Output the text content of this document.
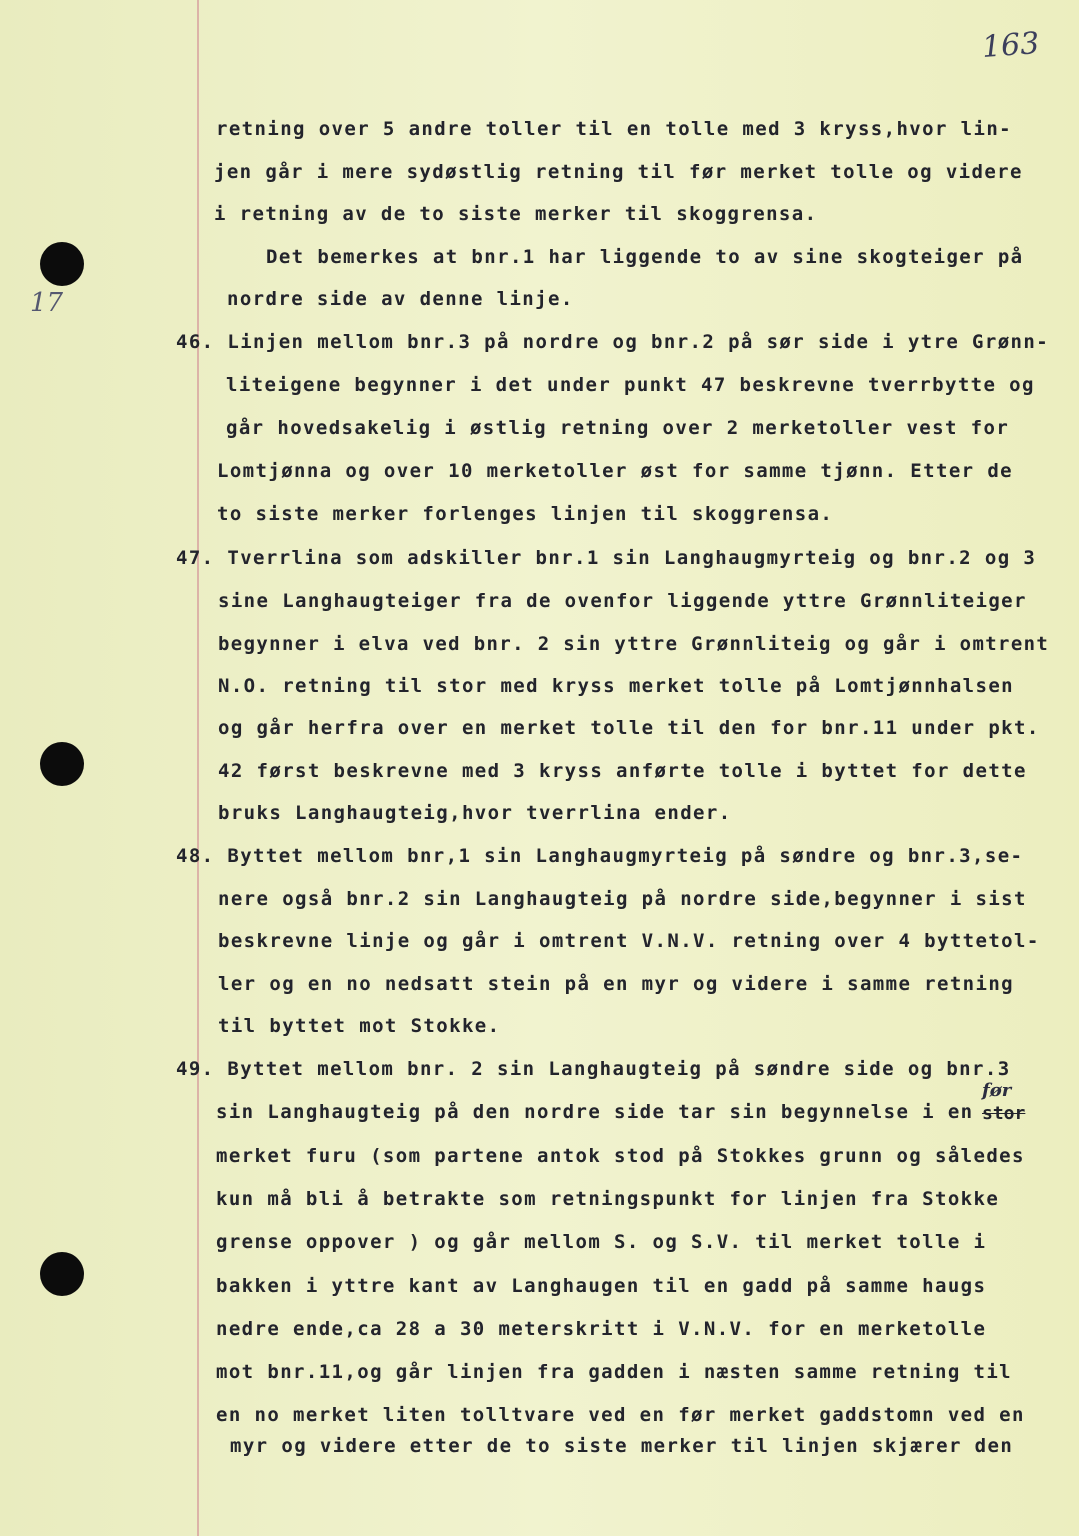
163
17
retning over 5 andre toller til en tolle med 3 kryss,hvor lin-
jen går i mere sydøstlig retning til før merket tolle og videre
i retning av de to siste merker til skoggrensa.
Det bemerkes at bnr.1 har liggende to av sine skogteiger på
nordre side av denne linje.
46. Linjen mellom bnr.3 på nordre og bnr.2 på sør side i ytre Grønn-
liteigene begynner i det under punkt 47 beskrevne tverrbytte og
går hovedsakelig i østlig retning over 2 merketoller vest for
Lomtjønna og over 10 merketoller øst for samme tjønn. Etter de
to siste merker forlenges linjen til skoggrensa.
47. Tverrlina som adskiller bnr.1 sin Langhaugmyrteig og bnr.2 og 3
sine Langhaugteiger fra de ovenfor liggende yttre Grønnliteiger
begynner i elva ved bnr. 2 sin yttre Grønnliteig og går i omtrent
N.O. retning til stor med kryss merket tolle på Lomtjønnhalsen
og går herfra over en merket tolle til den for bnr.11 under pkt.
42 først beskrevne med 3 kryss anførte tolle i byttet for dette
bruks Langhaugteig,hvor tverrlina ender.
48. Byttet mellom bnr,1 sin Langhaugmyrteig på søndre og bnr.3,se-
nere også bnr.2 sin Langhaugteig på nordre side,begynner i sist
beskrevne linje og går i omtrent V.N.V. retning over 4 byttetol-
ler og en no nedsatt stein på en myr og videre i samme retning
til byttet mot Stokke.
49. Byttet mellom bnr. 2 sin Langhaugteig på søndre side og bnr.3
før
sin Langhaugteig på den nordre side tar sin begynnelse i en stor
merket furu (som partene antok stod på Stokkes grunn og således
kun må bli å betrakte som retningspunkt for linjen fra Stokke
grense oppover ) og går mellom S. og S.V. til merket tolle i
bakken i yttre kant av Langhaugen til en gadd på samme haugs
nedre ende,ca 28 a 30 meterskritt i V.N.V. for en merketolle
mot bnr.11,og går linjen fra gadden i næsten samme retning til
en no merket liten tolltvare ved en før merket gaddstomn ved en
myr og videre etter de to siste merker til linjen skjærer den
